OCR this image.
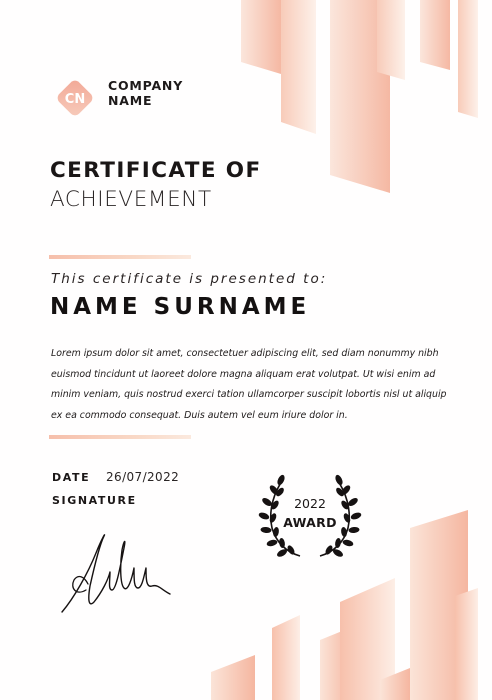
CN
COMPANY
NAME
CERTIFICATE OF
ACHIEVEMENT
This certificate is presented to:
NAME SURNAME
Lorem ipsum dolor sit amet, consectetuer adipiscing elit, sed diam nonummy nibh euismod tincidunt ut laoreet dolore magna aliquam erat volutpat. Ut wisi enim ad minim veniam, quis nostrud exerci tation ullamcorper suscipit lobortis nisl ut aliquip ex ea commodo consequat. Duis autem vel eum iriure dolor in.
DATE 26/07/2022
SIGNATURE	2022
AWARD
